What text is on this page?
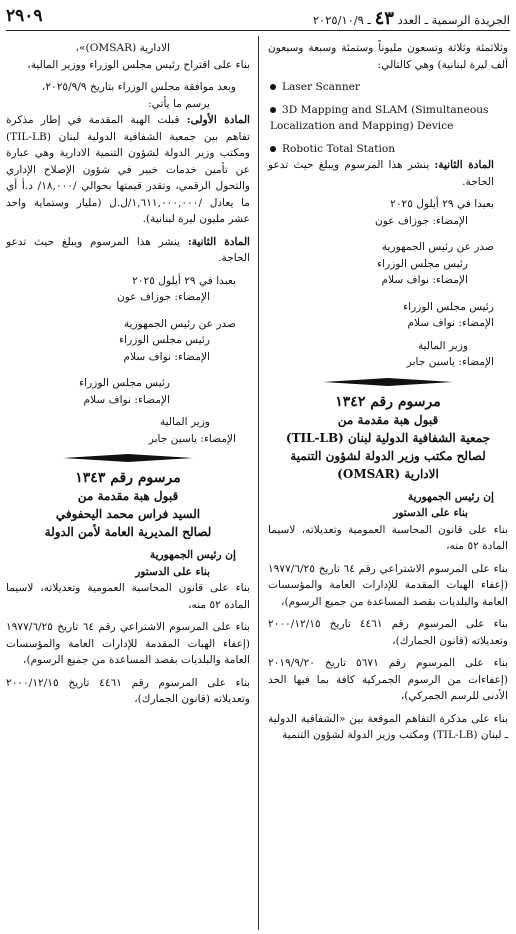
٢٩٠٩	الجريدة الرسمية ـ العدد ٤٣ ـ ٢٠٢٥/١٠/٩

وثلاثمئة وثلاثة وتسعون مليوناً وستمئة وسبعة وسبعون ألف ليرة لبنانية) وهي كالتالي:

Laser Scanner

3D Mapping and SLAM (Simultaneous Localization and Mapping) Device

Robotic Total Station

المادة الثانية: ينشر هذا المرسوم ويبلغ حيث تدعو الحاجة.

بعبدا في ٢٩ أيلول ٢٠٢٥

الإمضاء: جوزاف عون

صدر عن رئيس الجمهورية

رئيس مجلس الوزراء

الإمضاء: نواف سلام

رئيس مجلس الوزراء

الإمضاء: نواف سلام

وزير المالية

الإمضاء: ياسين جابر

مرسوم رقم ١٣٤٢

قبول هبة مقدمة من

جمعية الشفافية الدولية لبنان (TIL-LB)

لصالح مكتب وزير الدولة لشؤون التنمية

الادارية (OMSAR)

إن رئيس الجمهورية

بناء على الدستور

بناء على قانون المحاسبة العمومية وتعديلاته، لاسيما المادة ٥٢ منه،

بناء على المرسوم الاشتراعي رقم ٦٤ تاريخ ١٩٧٧/٦/٢٥ (إعفاء الهبات المقدمة للإدارات العامة والمؤسسات العامة والبلديات بقصد المساعدة من جميع الرسوم)،

بناء على المرسوم رقم ٤٤٦١ تاريخ ٢٠٠٠/١٢/١٥ وتعديلاته (قانون الجمارك)،

بناء على المرسوم رقم ٥٦٧١ تاريخ ٢٠١٩/٩/٢٠ (إعفاءات من الرسوم الجمركية كافة بما فيها الحد الأدنى للرسم الجمركي)،

بناء على مذكرة التفاهم الموقعة بين «الشفافية الدولية ـ لبنان (TIL-LB) ومكتب وزير الدولة لشؤون التنمية

الادارية (OMSAR)»،

بناء على اقتراح رئيس مجلس الوزراء ووزير المالية،

وبعد موافقة مجلس الوزراء بتاريخ ٢٠٢٥/٩/٩،

يرسم ما يأتي:

المادة الأولى: قبلت الهبة المقدمة في إطار مذكرة تفاهم بين جمعية الشفافية الدولية لبنان (TIL-LB) ومكتب وزير الدولة لشؤون التنمية الادارية وهي عبارة عن تأمين خدمات خبير في شؤون الإصلاح الإداري والتحول الرقمي، وتقدر قيمتها بحوالي /١٨,٠٠٠/ د.أ أي ما يعادل /١,٦١١,٠٠٠,٠٠٠/ل.ل (مليار وستماية واحد عشر مليون ليرة لبنانية).

المادة الثانية: ينشر هذا المرسوم ويبلغ حيث تدعو الحاجة.

بعبدا في ٢٩ أيلول ٢٠٢٥

الإمضاء: جوزاف عون

صدر عن رئيس الجمهورية

رئيس مجلس الوزراء

الإمضاء: نواف سلام

رئيس مجلس الوزراء

الإمضاء: نواف سلام

وزير المالية

الإمضاء: ياسين جابر

مرسوم رقم ١٣٤٣

قبول هبة مقدمة من

السيد فراس محمد اليحفوفي

لصالح المديرية العامة لأمن الدولة

إن رئيس الجمهورية

بناء على الدستور

بناء على قانون المحاسبة العمومية وتعديلاته، لاسيما المادة ٥٢ منه،

بناء على المرسوم الاشتراعي رقم ٦٤ تاريخ ١٩٧٧/٦/٢٥ (إعفاء الهبات المقدمة للإدارات العامة والمؤسسات العامة والبلديات بقصد المساعدة من جميع الرسوم)،

بناء على المرسوم رقم ٤٤٦١ تاريخ ٢٠٠٠/١٢/١٥ وتعديلاته (قانون الجمارك)،
